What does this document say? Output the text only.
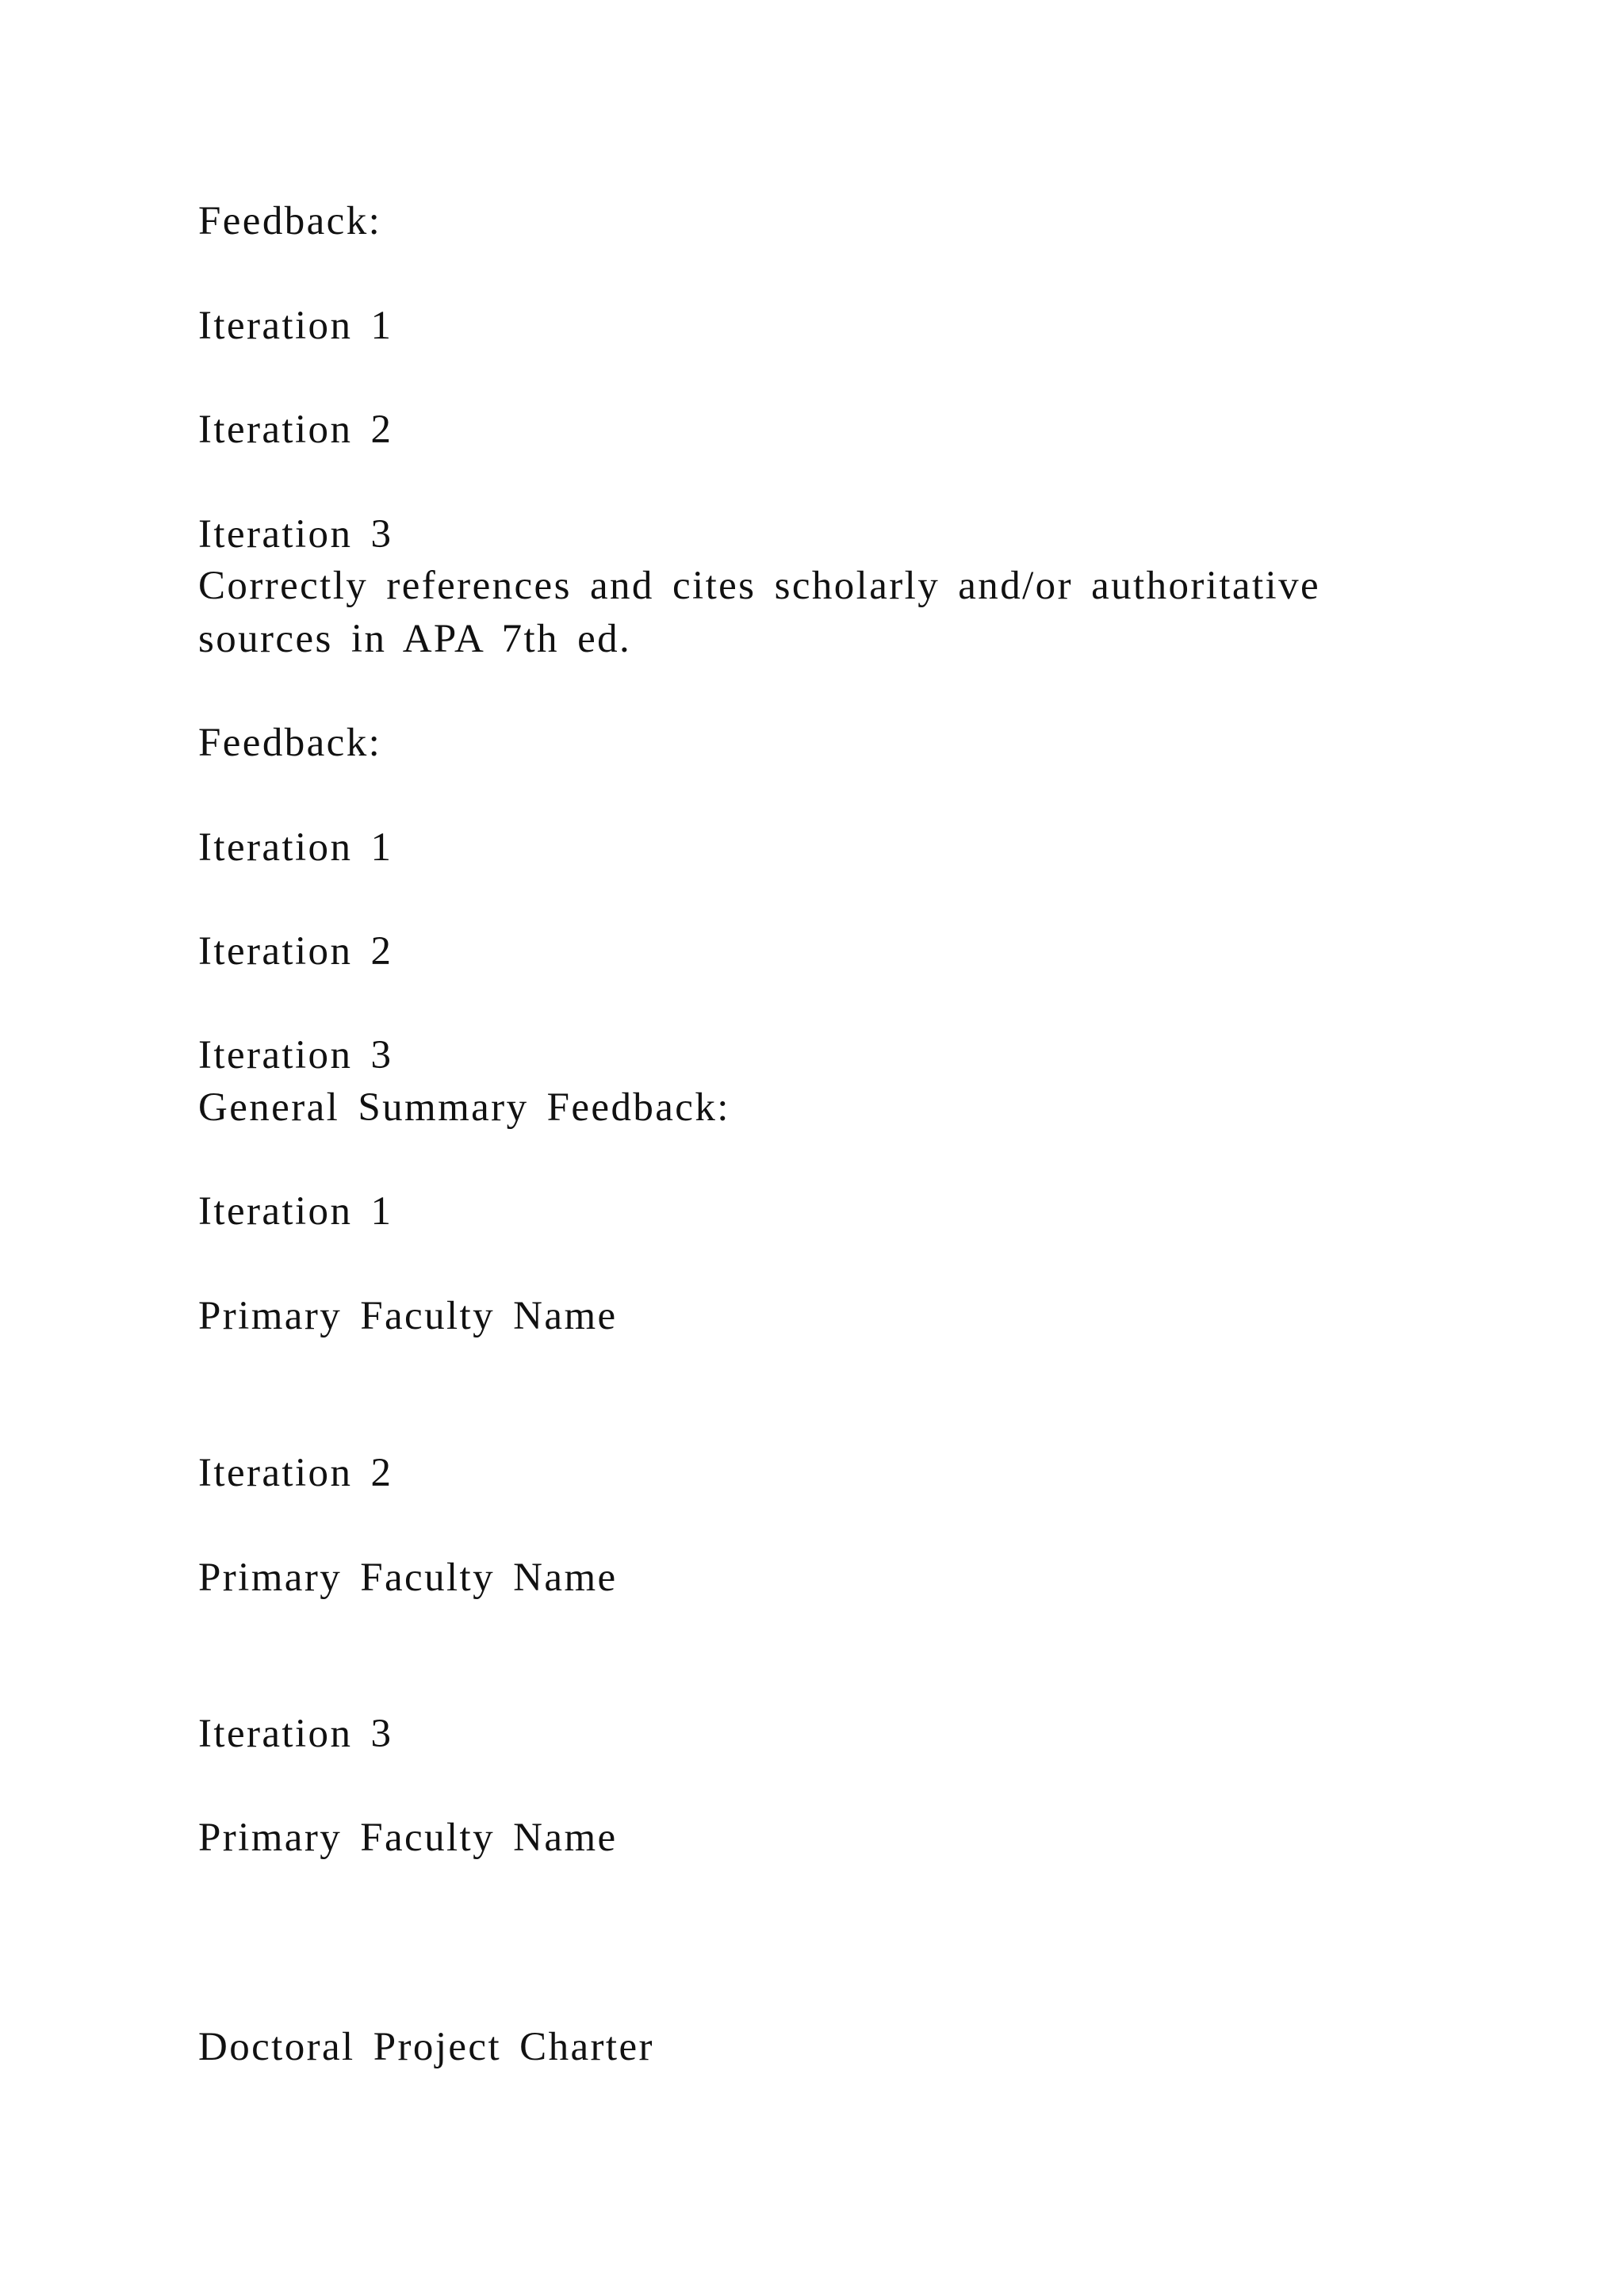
Feedback:
Iteration 1
Iteration 2
Iteration 3
Correctly references and cites scholarly and/or authoritative
sources in APA 7th ed.
Feedback:
Iteration 1
Iteration 2
Iteration 3
General Summary Feedback:
Iteration 1
Primary Faculty Name
Iteration 2
Primary Faculty Name
Iteration 3
Primary Faculty Name
Doctoral Project Charter
